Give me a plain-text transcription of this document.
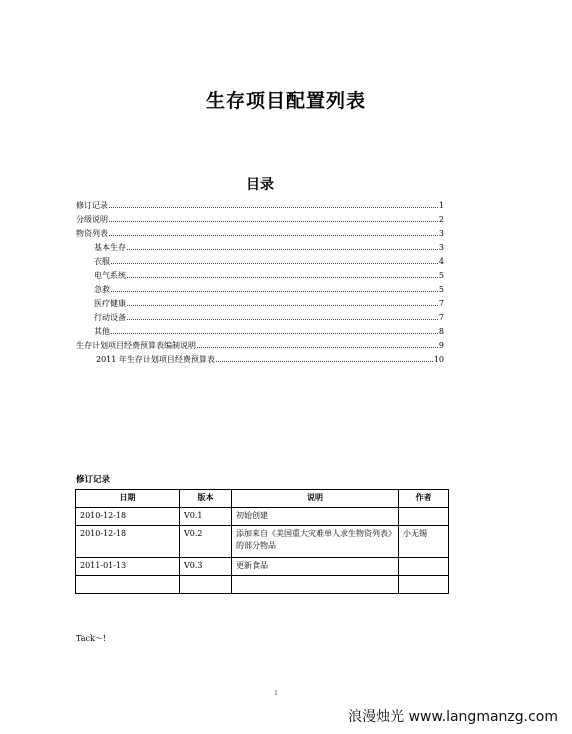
生存项目配置列表
目录
修订记录	1
分级说明	2
物资列表	3
基本生存	3
衣服	4
电气系统	5
急救	5
医疗健康	7
行动设备	7
其他	8
生存计划项目经费预算表编制说明	9
2011 年生存计划项目经费预算表	10
修订记录
日期	版本	说明	作者
2010-12-18	V0.1	初始创建	
2010-12-18	V0.2	添加来自《美国重大灾难单人求生物资列表》的部分物品	小无锡
2011-01-13	V0.3	更新食品	

Tack～!
1
浪漫烛光 www.langmanzg.com
